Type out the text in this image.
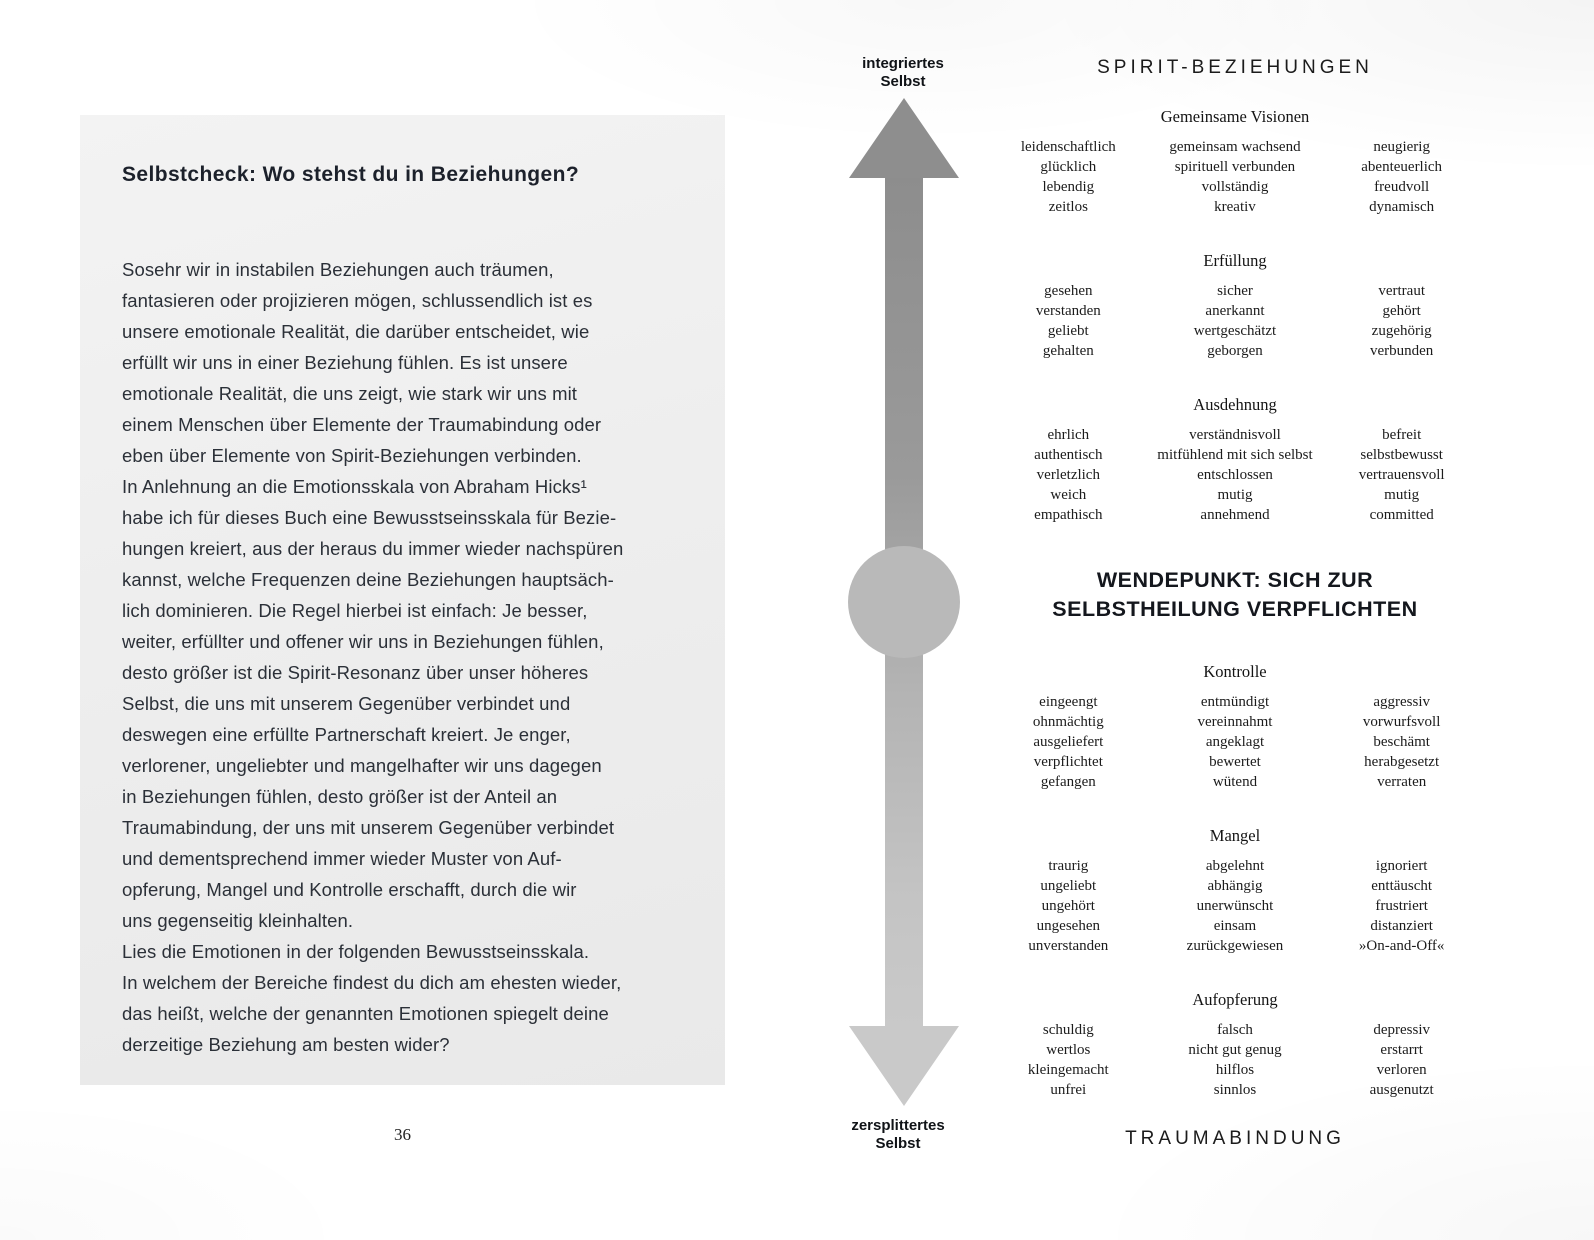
Selbstcheck: Wo stehst du in Beziehungen?
Sosehr wir in instabilen Beziehungen auch träumen,
fantasieren oder projizieren mögen, schlussendlich ist es
unsere emotionale Realität, die darüber entscheidet, wie
erfüllt wir uns in einer Beziehung fühlen. Es ist unsere
emotionale Realität, die uns zeigt, wie stark wir uns mit
einem Menschen über Elemente der Traumabindung oder
eben über Elemente von Spirit-Beziehungen verbinden.
In Anlehnung an die Emotionsskala von Abraham Hicks¹
habe ich für dieses Buch eine Bewusstseinsskala für Bezie-
hungen kreiert, aus der heraus du immer wieder nachspüren
kannst, welche Frequenzen deine Beziehungen hauptsäch-
lich dominieren. Die Regel hierbei ist einfach: Je besser,
weiter, erfüllter und offener wir uns in Beziehungen fühlen,
desto größer ist die Spirit-Resonanz über unser höheres
Selbst, die uns mit unserem Gegenüber verbindet und
deswegen eine erfüllte Partnerschaft kreiert. Je enger,
verlorener, ungeliebter und mangelhafter wir uns dagegen
in Beziehungen fühlen, desto größer ist der Anteil an
Traumabindung, der uns mit unserem Gegenüber verbindet
und dementsprechend immer wieder Muster von Auf-
opferung, Mangel und Kontrolle erschafft, durch die wir
uns gegenseitig kleinhalten.
Lies die Emotionen in der folgenden Bewusstseinsskala.
In welchem der Bereiche findest du dich am ehesten wieder,
das heißt, welche der genannten Emotionen spiegelt deine
derzeitige Beziehung am besten wider?
36
integriertes
Selbst
zersplittertes
Selbst
SPIRIT-BEZIEHUNGEN
Gemeinsame Visionen
leidenschaftlich
glücklich
lebendig
zeitlos
gemeinsam wachsend
spirituell verbunden
vollständig
kreativ
neugierig
abenteuerlich
freudvoll
dynamisch
Erfüllung
gesehen
verstanden
geliebt
gehalten
sicher
anerkannt
wertgeschätzt
geborgen
vertraut
gehört
zugehörig
verbunden
Ausdehnung
ehrlich
authentisch
verletzlich
weich
empathisch
verständnisvoll
mitfühlend mit sich selbst
entschlossen
mutig
annehmend
befreit
selbstbewusst
vertrauensvoll
mutig
committed
WENDEPUNKT: SICH ZUR
SELBSTHEILUNG VERPFLICHTEN
Kontrolle
eingeengt
ohnmächtig
ausgeliefert
verpflichtet
gefangen
entmündigt
vereinnahmt
angeklagt
bewertet
wütend
aggressiv
vorwurfsvoll
beschämt
herabgesetzt
verraten
Mangel
traurig
ungeliebt
ungehört
ungesehen
unverstanden
abgelehnt
abhängig
unerwünscht
einsam
zurückgewiesen
ignoriert
enttäuscht
frustriert
distanziert
»On-and-Off«
Aufopferung
schuldig
wertlos
kleingemacht
unfrei
falsch
nicht gut genug
hilflos
sinnlos
depressiv
erstarrt
verloren
ausgenutzt
TRAUMABINDUNG
